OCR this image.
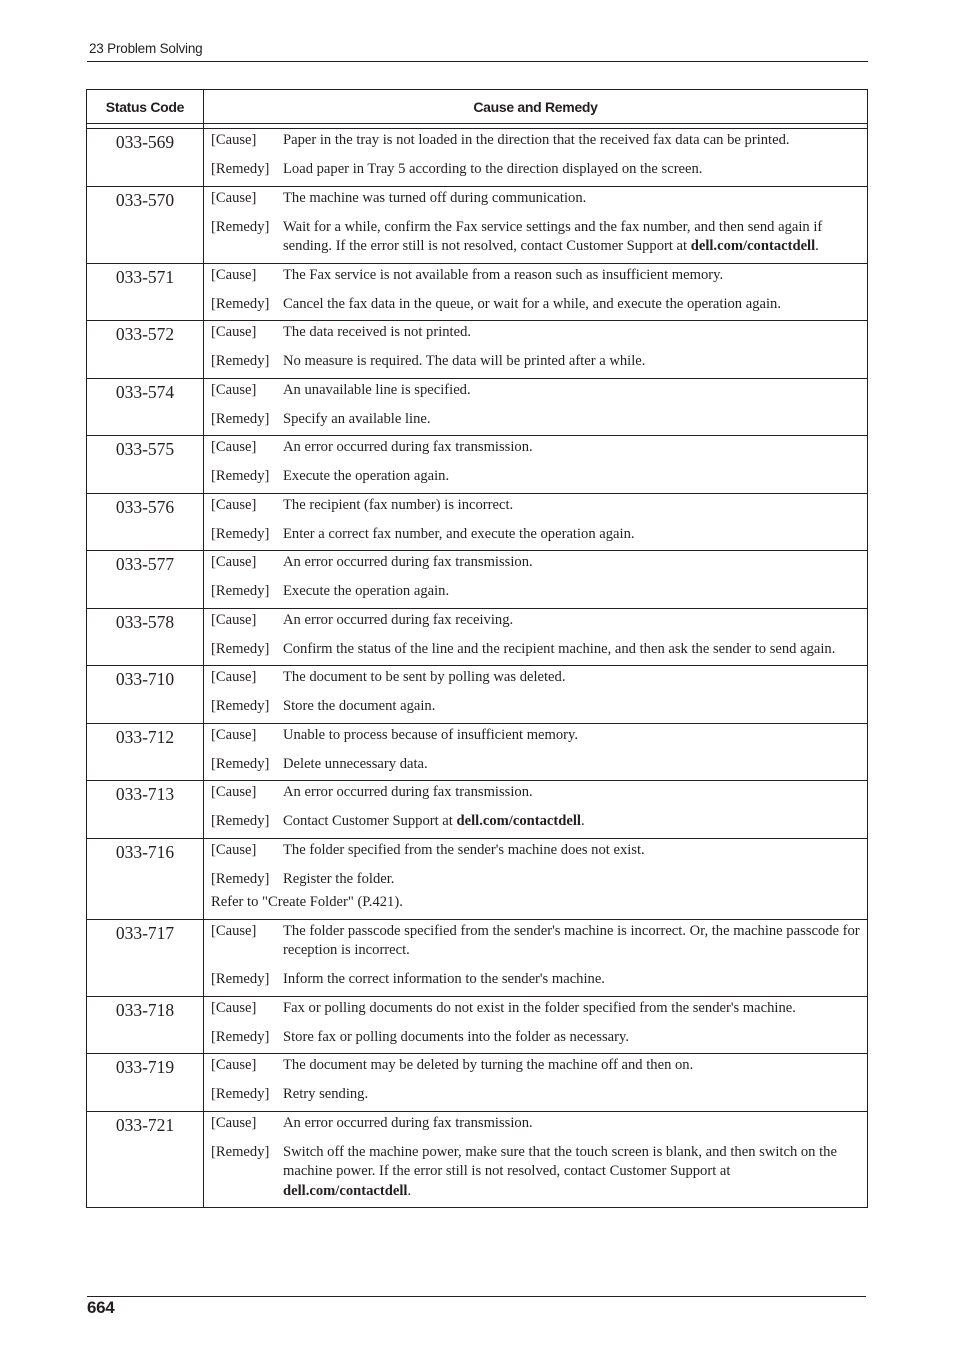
23 Problem Solving
Status Code	Cause and Remedy

033-569	[Cause] Paper in the tray is not loaded in the direction that the received fax data can be printed.
[Remedy] Load paper in Tray 5 according to the direction displayed on the screen.

033-570	[Cause] The machine was turned off during communication.
[Remedy] Wait for a while, confirm the Fax service settings and the fax number, and then send again if sending. If the error still is not resolved, contact Customer Support at dell.com/contactdell.

033-571	[Cause] The Fax service is not available from a reason such as insufficient memory.
[Remedy] Cancel the fax data in the queue, or wait for a while, and execute the operation again.

033-572	[Cause] The data received is not printed.
[Remedy] No measure is required. The data will be printed after a while.

033-574	[Cause] An unavailable line is specified.
[Remedy] Specify an available line.

033-575	[Cause] An error occurred during fax transmission.
[Remedy] Execute the operation again.

033-576	[Cause] The recipient (fax number) is incorrect.
[Remedy] Enter a correct fax number, and execute the operation again.

033-577	[Cause] An error occurred during fax transmission.
[Remedy] Execute the operation again.

033-578	[Cause] An error occurred during fax receiving.
[Remedy] Confirm the status of the line and the recipient machine, and then ask the sender to send again.

033-710	[Cause] The document to be sent by polling was deleted.
[Remedy] Store the document again.

033-712	[Cause] Unable to process because of insufficient memory.
[Remedy] Delete unnecessary data.

033-713	[Cause] An error occurred during fax transmission.
[Remedy] Contact Customer Support at dell.com/contactdell.

033-716	[Cause] The folder specified from the sender's machine does not exist.
[Remedy] Register the folder.
Refer to "Create Folder" (P.421).

033-717	[Cause] The folder passcode specified from the sender's machine is incorrect. Or, the machine passcode for reception is incorrect.
[Remedy] Inform the correct information to the sender's machine.

033-718	[Cause] Fax or polling documents do not exist in the folder specified from the sender's machine.
[Remedy] Store fax or polling documents into the folder as necessary.

033-719	[Cause] The document may be deleted by turning the machine off and then on.
[Remedy] Retry sending.

033-721	[Cause] An error occurred during fax transmission.
[Remedy] Switch off the machine power, make sure that the touch screen is blank, and then switch on the machine power. If the error still is not resolved, contact Customer Support at dell.com/contactdell.
664
